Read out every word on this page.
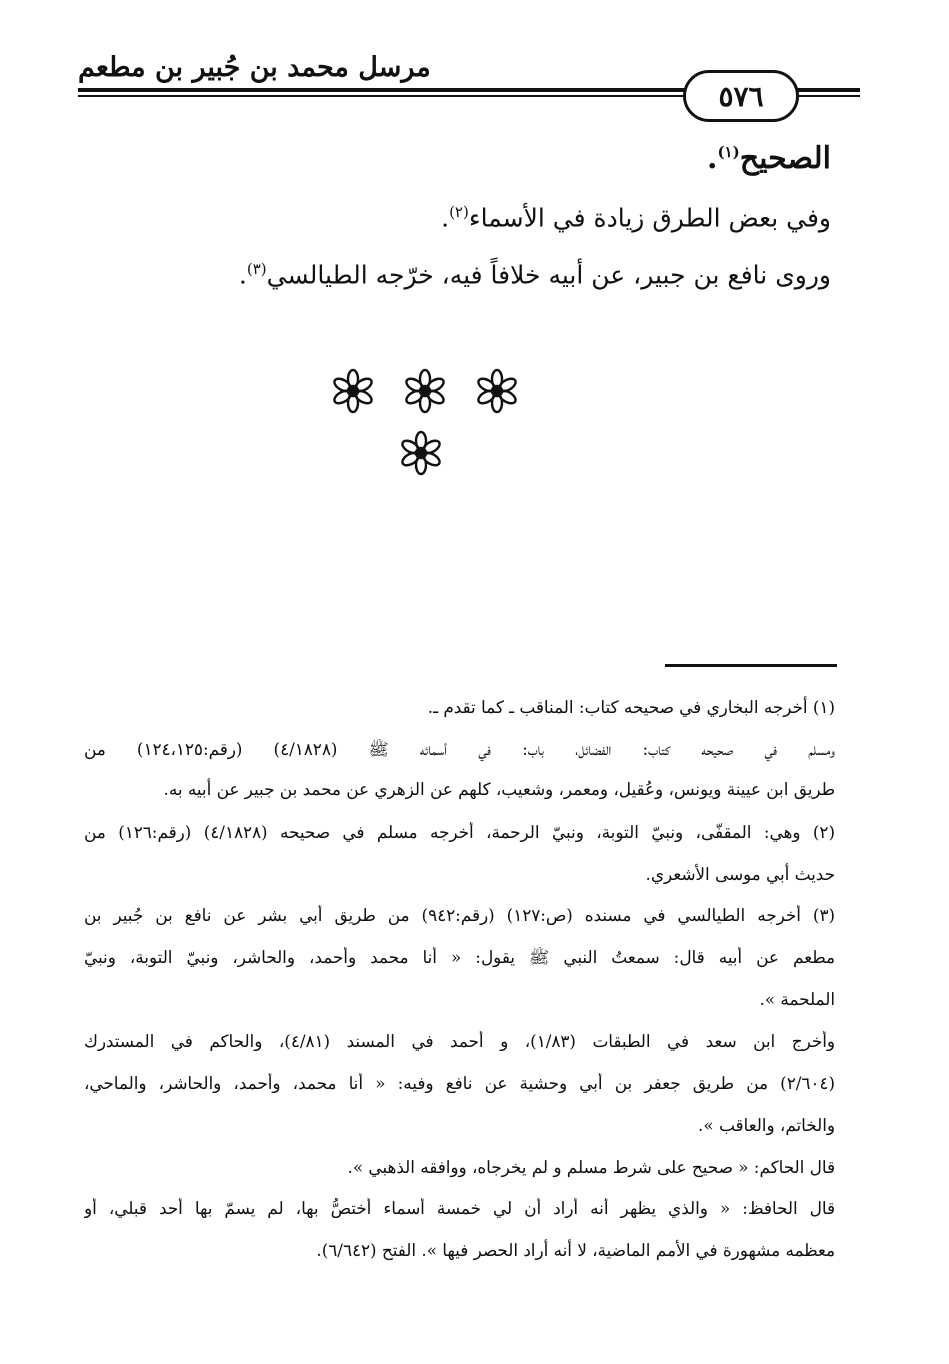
مرسل محمد بن جُبير بن مطعم
٥٧٦
الصحيح$^{(١)}$.
وفي بعض الطرق زيادة في الأسماء$^{(٢)}$.
وروى نافع بن جبير، عن أبيه خلافاً فيه، خرّجه الطيالسي$^{(٣)}$.
(١) أخرجه البخاري في صحيحه كتاب: المناقب ـ كما تقدم ـ.
ومسلم في صحيحه كتاب: الفضائل، باب: في أسمائه ﷺ (٤/١٨٢٨) (رقم:١٢٤،١٢٥) من
طريق ابن عيينة ويونس، وعُقيل، ومعمر، وشعيب، كلهم عن الزهري عن محمد بن جبير عن أبيه به.
(٢) وهي: المقفّى، ونبيّ التوبة، ونبيّ الرحمة، أخرجه مسلم في صحيحه (٤/١٨٢٨) (رقم:١٢٦) من
حديث أبي موسى الأشعري.
(٣) أخرجه الطيالسي في مسنده (ص:١٢٧) (رقم:٩٤٢) من طريق أبي بشر عن نافع بن جُبير بن
مطعم عن أبيه قال: سمعتُ النبي ﷺ يقول: « أنا محمد وأحمد، والحاشر، ونبيّ التوبة، ونبيّ
الملحمة ».
وأخرج ابن سعد في الطبقات (١/٨٣)، و أحمد في المسند (٤/٨١)، والحاكم في المستدرك
(٢/٦٠٤) من طريق جعفر بن أبي وحشية عن نافع وفيه: « أنا محمد، وأحمد، والحاشر، والماحي،
والخاتم، والعاقب ».
قال الحاكم: « صحيح على شرط مسلم و لم يخرجاه، ووافقه الذهبي ».
قال الحافظ: « والذي يظهر أنه أراد أن لي خمسة أسماء أختصُّ بها، لم يسمّ بها أحد قبلي، أو
معظمه مشهورة في الأمم الماضية، لا أنه أراد الحصر فيها ». الفتح (٦/٦٤٢).
